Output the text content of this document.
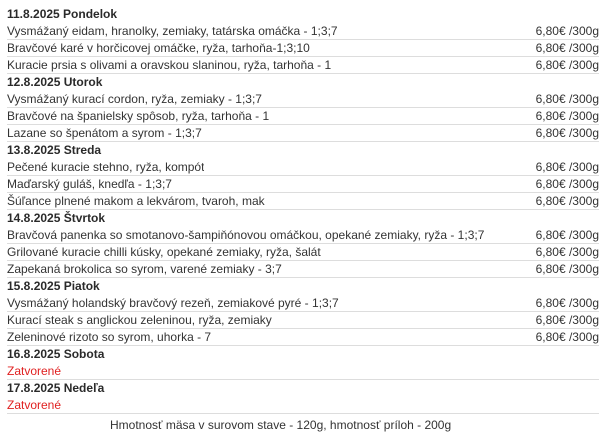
11.8.2025 Pondelok
Vysmážaný eidam, hranolky, zemiaky, tatárska omáčka - 1;3;7	6,80€ /300g
Bravčové karé v horčicovej omáčke, ryža, tarhoňa-1;3;10	6,80€ /300g
Kuracie prsia s olivami a oravskou slaninou, ryža, tarhoňa - 1	6,80€ /300g
12.8.2025 Utorok
Vysmážaný kurací cordon, ryža, zemiaky - 1;3;7	6,80€ /300g
Bravčové na španielsky spôsob, ryža, tarhoňa - 1	6,80€ /300g
Lazane so špenátom a syrom - 1;3;7	6,80€ /300g
13.8.2025 Streda
Pečené kuracie stehno, ryža, kompót	6,80€ /300g
Maďarský guláš, knedľa - 1;3;7	6,80€ /300g
Šúľance plnené makom a lekvárom, tvaroh, mak	6,80€ /300g
14.8.2025 Štvrtok
Bravčová panenka so smotanovo-šampiňónovou omáčkou, opekané zemiaky, ryža - 1;3;7	6,80€ /300g
Grilované kuracie chilli kúsky, opekané zemiaky, ryža, šalát	6,80€ /300g
Zapekaná brokolica so syrom, varené zemiaky - 3;7	6,80€ /300g
15.8.2025 Piatok
Vysmážaný holandský bravčový rezeň, zemiakové pyré - 1;3;7	6,80€ /300g
Kurací steak s anglickou zeleninou, ryža, zemiaky	6,80€ /300g
Zeleninové rizoto so syrom, uhorka - 7	6,80€ /300g
16.8.2025 Sobota
Zatvorené
17.8.2025 Nedeľa
Zatvorené
Hmotnosť mäsa v surovom stave - 120g, hmotnosť príloh - 200g
